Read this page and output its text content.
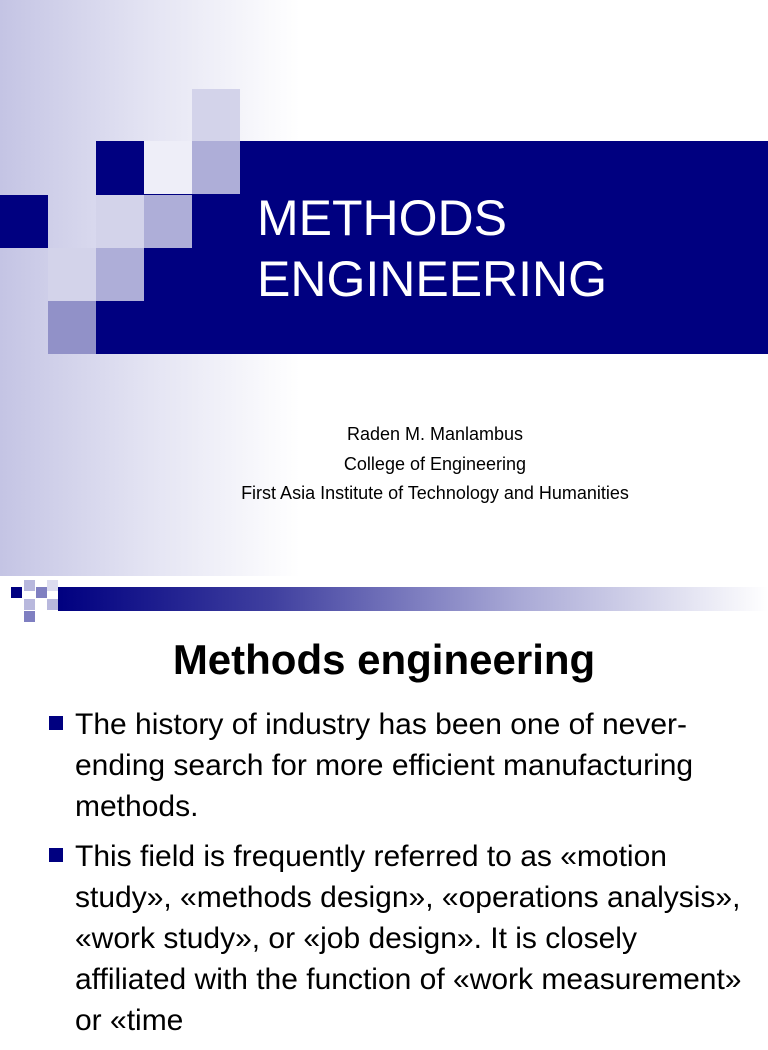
METHODS
ENGINEERING
Raden M. Manlambus
College of Engineering
First Asia Institute of Technology and Humanities
Methods engineering
The history of industry has been one of never-ending search for more efficient manufacturing methods.
This field is frequently referred to as «motion study», «methods design», «operations analysis», «work study», or «job design». It is closely affiliated with the function of «work measurement» or «time
